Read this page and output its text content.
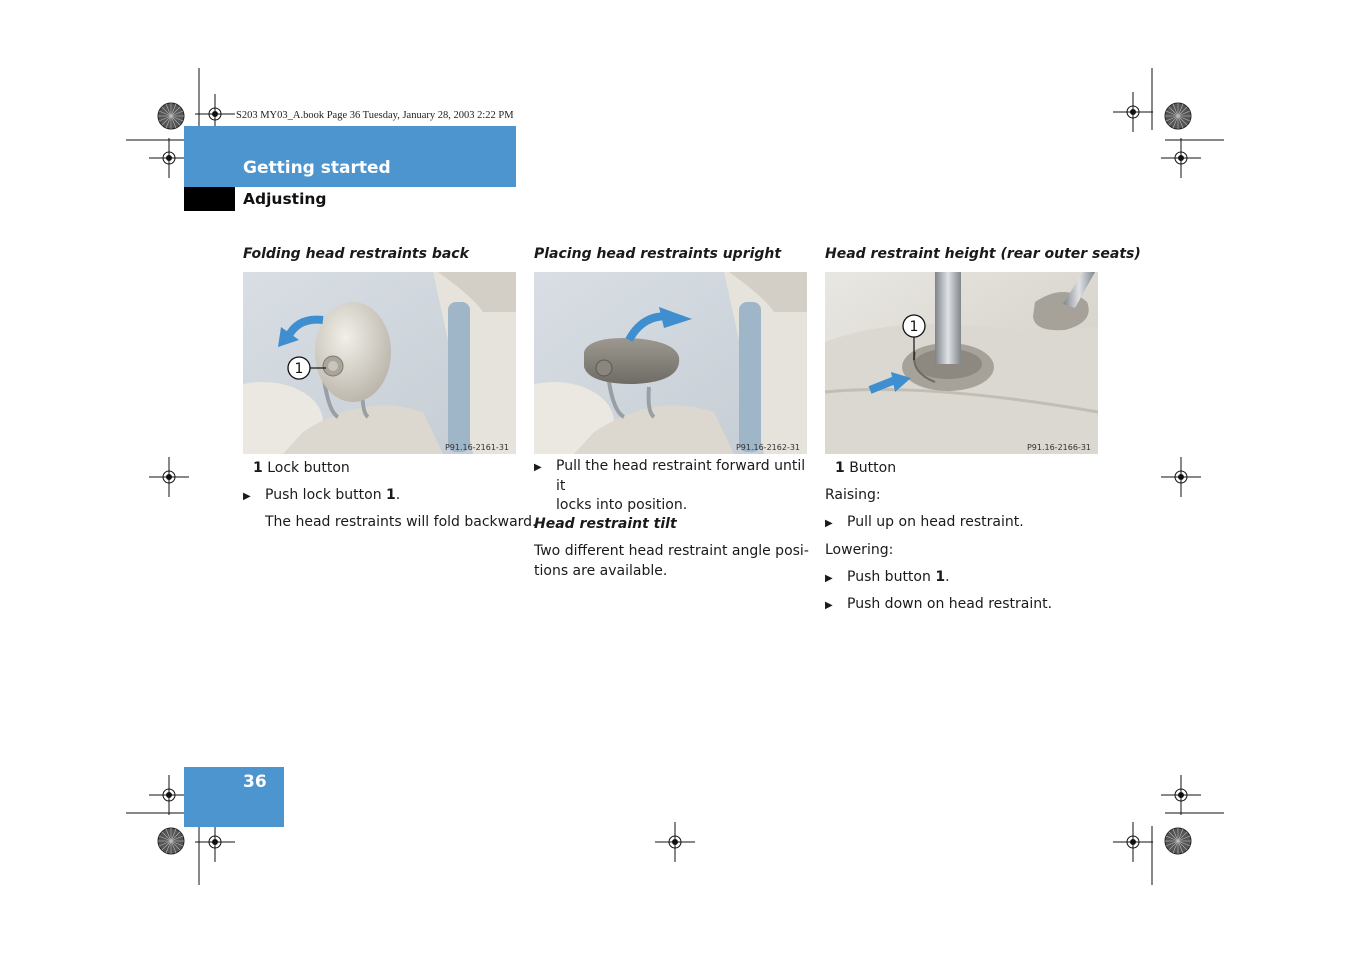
S203 MY03_A.book Page 36 Tuesday, January 28, 2003 2:22 PM
Getting started
Adjusting
Folding head restraints back
1
P91.16-2161-31
1 Lock button
▶	Push lock button 1.
The head restraints will fold backward.
Placing head restraints upright
P91.16-2162-31
▶	Pull the head restraint forward until it
locks into position.
Head restraint tilt
Two different head restraint angle posi-
tions are available.
Head restraint height (rear outer seats)
1
P91.16-2166-31
1 Button
Raising:
▶	Pull up on head restraint.
Lowering:
▶	Push button 1.
▶	Push down on head restraint.
36
